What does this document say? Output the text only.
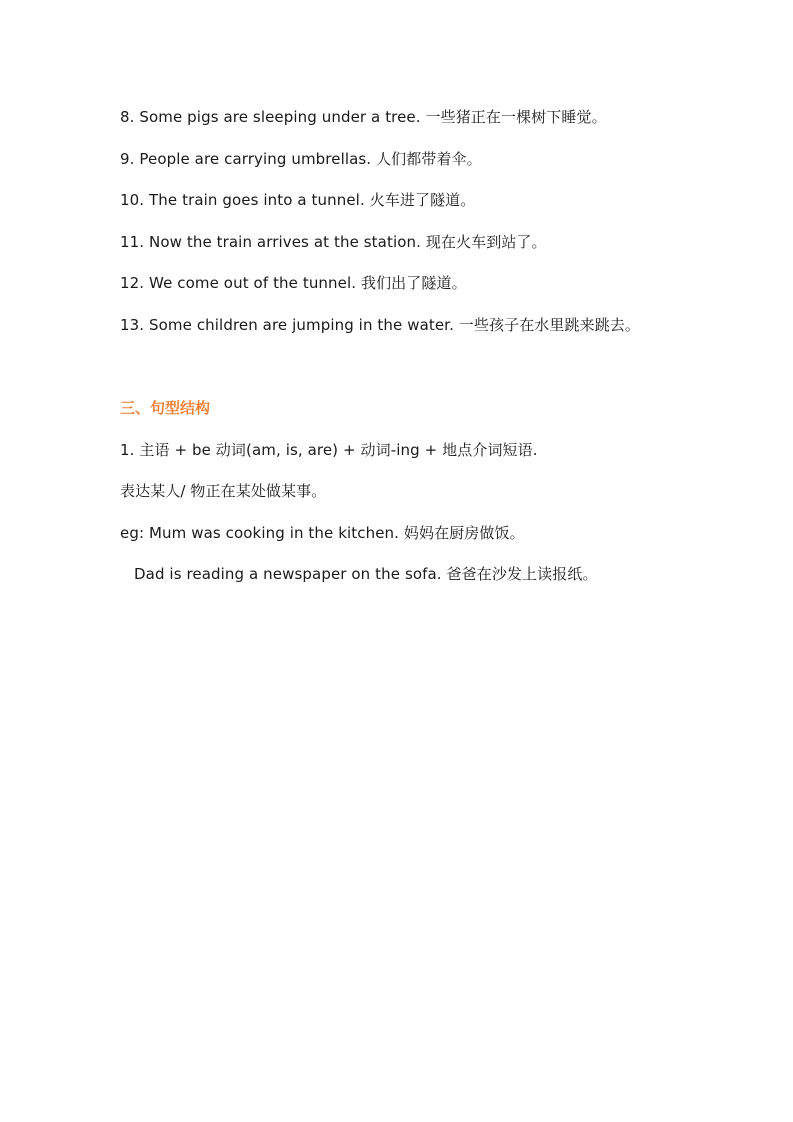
8. Some pigs are sleeping under a tree. 一些猪正在一棵树下睡觉。

9. People are carrying umbrellas. 人们都带着伞。

10. The train goes into a tunnel. 火车进了隧道。

11. Now the train arrives at the station. 现在火车到站了。

12. We come out of the tunnel. 我们出了隧道。

13. Some children are jumping in the water. 一些孩子在水里跳来跳去。

三、句型结构

1. 主语 + be 动词(am, is, are) + 动词-ing + 地点介词短语.

表达某人/ 物正在某处做某事。

eg: Mum was cooking in the kitchen. 妈妈在厨房做饭。

Dad is reading a newspaper on the sofa. 爸爸在沙发上读报纸。
